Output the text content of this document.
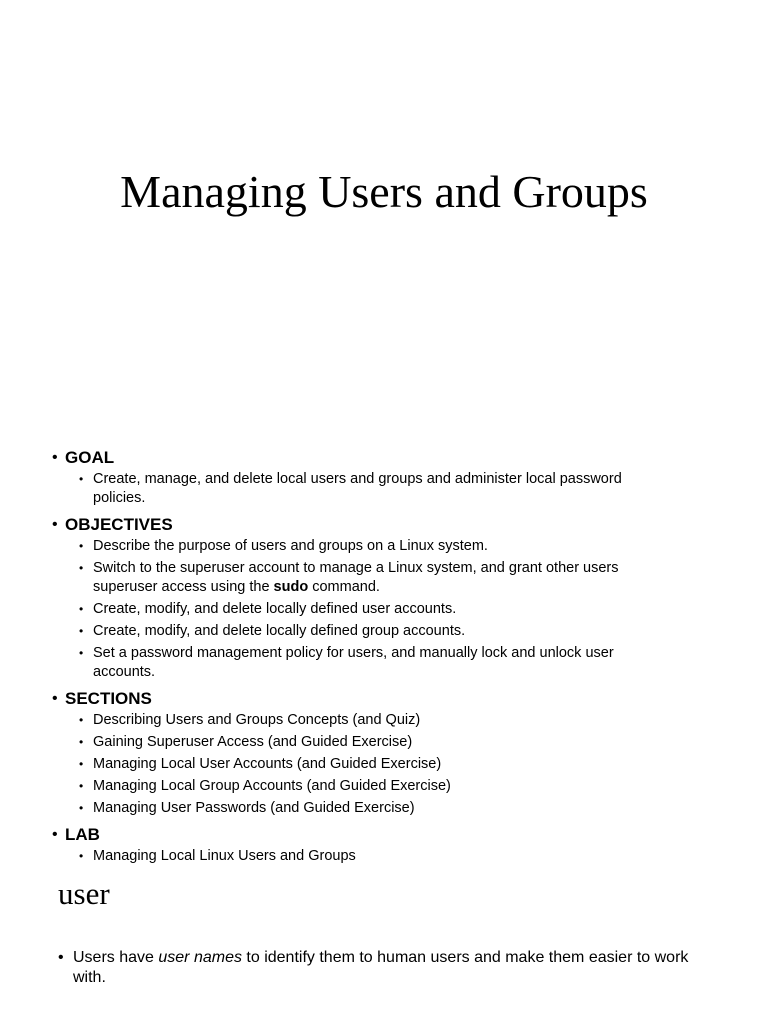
Managing Users and Groups
• GOAL
• Create, manage, and delete local users and groups and administer local password policies.
• OBJECTIVES
• Describe the purpose of users and groups on a Linux system.
• Switch to the superuser account to manage a Linux system, and grant other users superuser access using the sudo command.
• Create, modify, and delete locally defined user accounts.
• Create, modify, and delete locally defined group accounts.
• Set a password management policy for users, and manually lock and unlock user accounts.
• SECTIONS
• Describing Users and Groups Concepts (and Quiz)
• Gaining Superuser Access (and Guided Exercise)
• Managing Local User Accounts (and Guided Exercise)
• Managing Local Group Accounts (and Guided Exercise)
• Managing User Passwords (and Guided Exercise)
• LAB
• Managing Local Linux Users and Groups
user
• Users have user names to identify them to human users and make them easier to work with.
